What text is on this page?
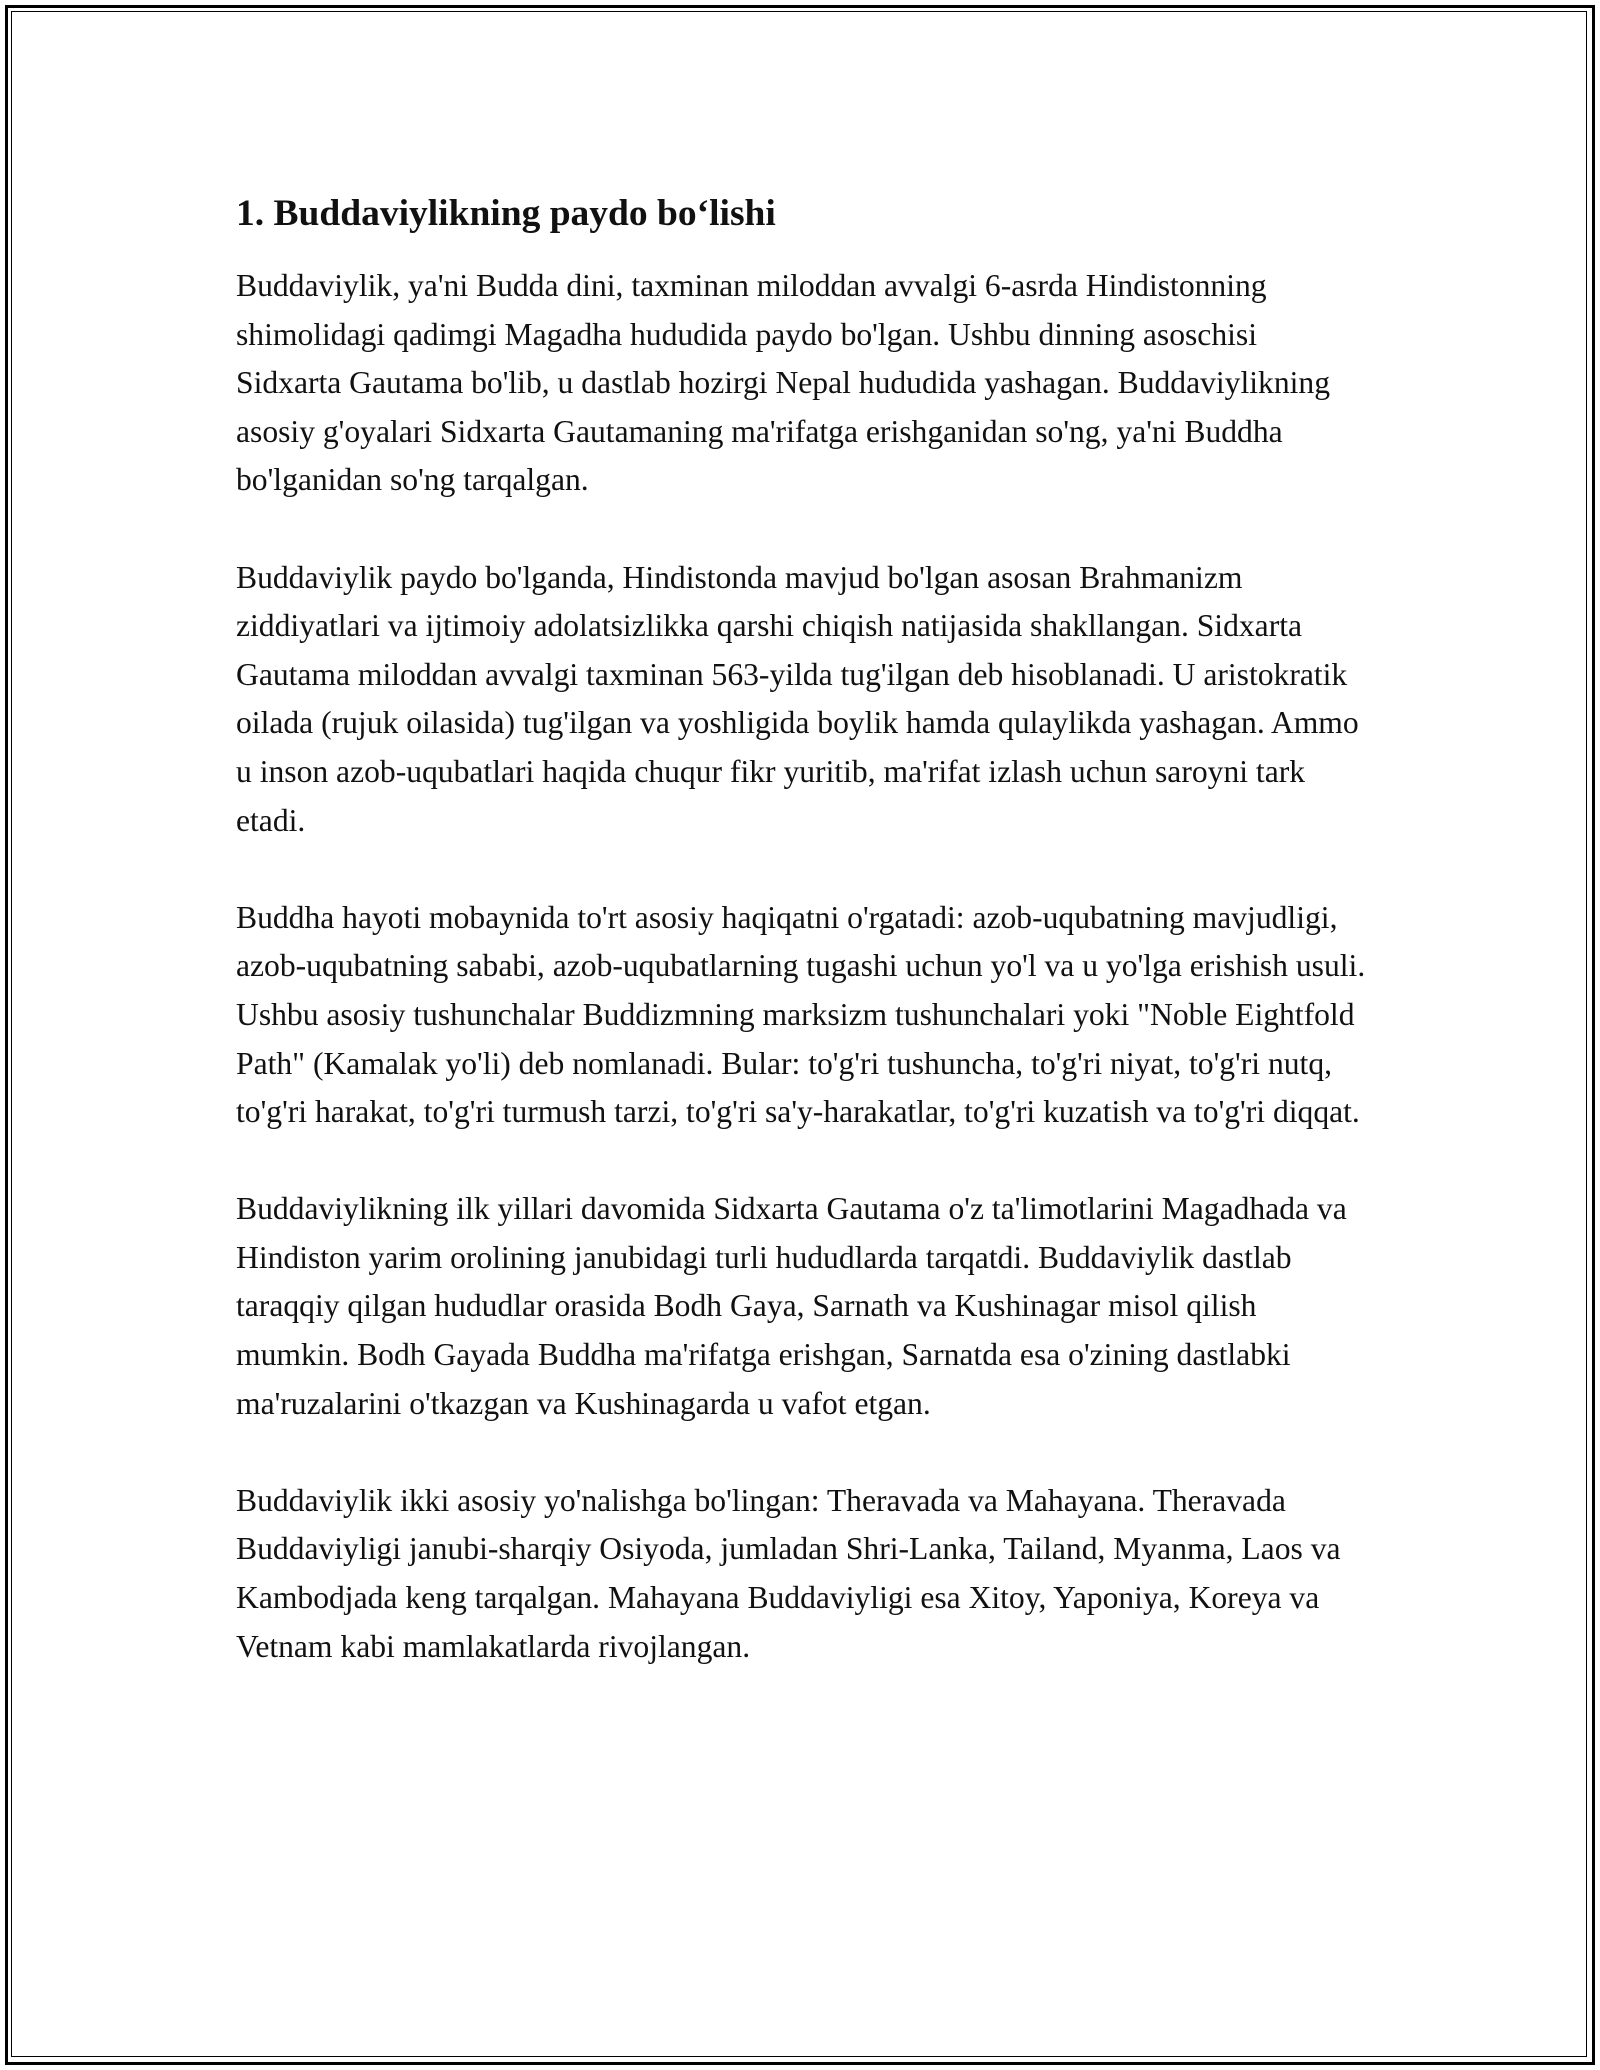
1. Buddaviylikning paydo bo‘lishi

Buddaviylik, ya'ni Budda dini, taxminan miloddan avvalgi 6-asrda Hindistonning shimolidagi qadimgi Magadha hududida paydo bo'lgan. Ushbu dinning asoschisi Sidxarta Gautama bo'lib, u dastlab hozirgi Nepal hududida yashagan. Buddaviylikning asosiy g'oyalari Sidxarta Gautamaning ma'rifatga erishganidan so'ng, ya'ni Buddha bo'lganidan so'ng tarqalgan.

Buddaviylik paydo bo'lganda, Hindistonda mavjud bo'lgan asosan Brahmanizm ziddiyatlari va ijtimoiy adolatsizlikka qarshi chiqish natijasida shakllangan. Sidxarta Gautama miloddan avvalgi taxminan 563-yilda tug'ilgan deb hisoblanadi. U aristokratik oilada (rujuk oilasida) tug'ilgan va yoshligida boylik hamda qulaylikda yashagan. Ammo u inson azob-uqubatlari haqida chuqur fikr yuritib, ma'rifat izlash uchun saroyni tark etadi.

Buddha hayoti mobaynida to'rt asosiy haqiqatni o'rgatadi: azob-uqubatning mavjudligi, azob-uqubatning sababi, azob-uqubatlarning tugashi uchun yo'l va u yo'lga erishish usuli. Ushbu asosiy tushunchalar Buddizmning marksizm tushunchalari yoki "Noble Eightfold Path" (Kamalak yo'li) deb nomlanadi. Bular: to'g'ri tushuncha, to'g'ri niyat, to'g'ri nutq, to'g'ri harakat, to'g'ri turmush tarzi, to'g'ri sa'y-harakatlar, to'g'ri kuzatish va to'g'ri diqqat.

Buddaviylikning ilk yillari davomida Sidxarta Gautama o'z ta'limotlarini Magadhada va Hindiston yarim orolining janubidagi turli hududlarda tarqatdi. Buddaviylik dastlab taraqqiy qilgan hududlar orasida Bodh Gaya, Sarnath va Kushinagar misol qilish mumkin. Bodh Gayada Buddha ma'rifatga erishgan, Sarnatda esa o'zining dastlabki ma'ruzalarini o'tkazgan va Kushinagarda u vafot etgan.

Buddaviylik ikki asosiy yo'nalishga bo'lingan: Theravada va Mahayana. Theravada Buddaviyligi janubi-sharqiy Osiyoda, jumladan Shri-Lanka, Tailand, Myanma, Laos va Kambodjada keng tarqalgan. Mahayana Buddaviyligi esa Xitoy, Yaponiya, Koreya va Vetnam kabi mamlakatlarda rivojlangan.
